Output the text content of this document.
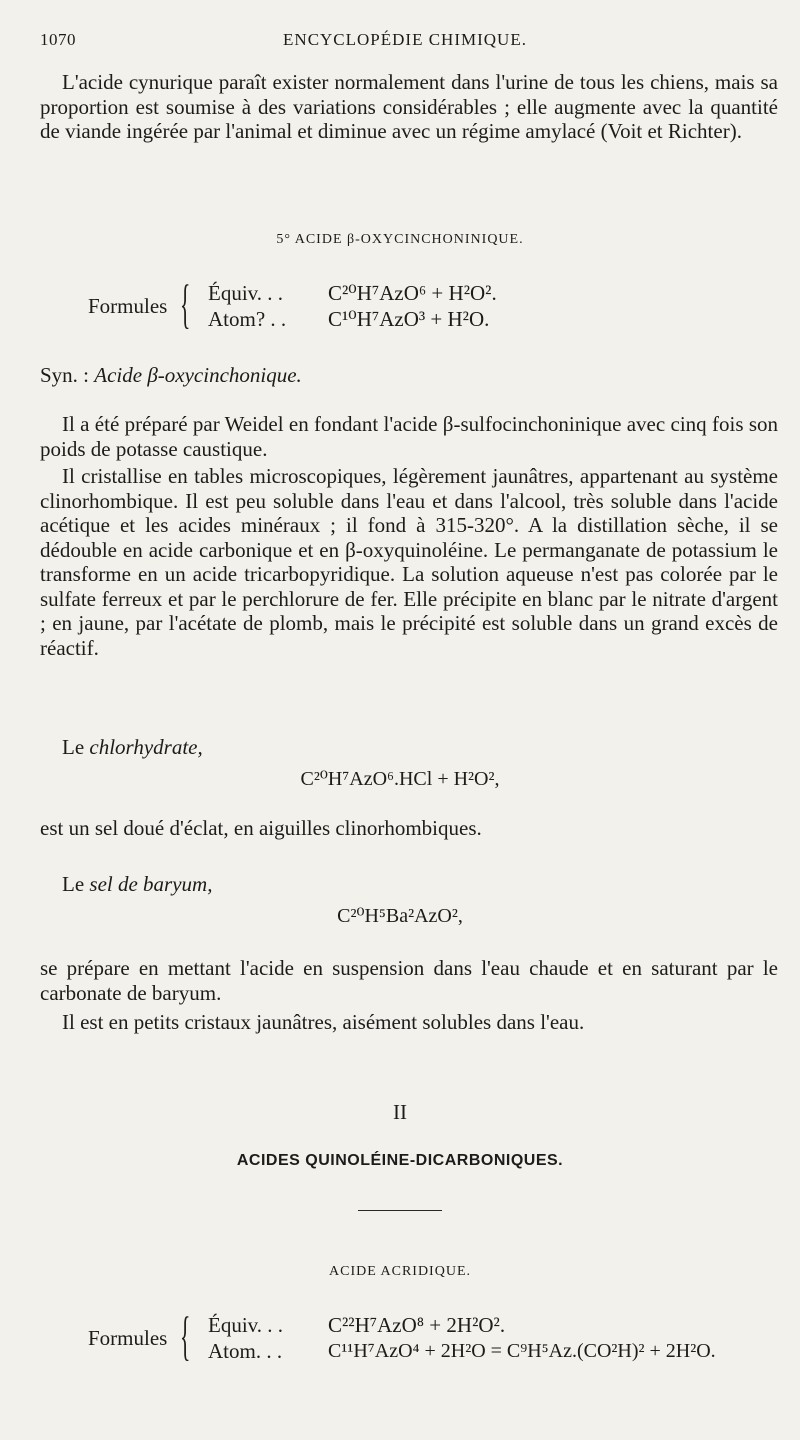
1070	ENCYCLOPÉDIE CHIMIQUE.

L'acide cynurique paraît exister normalement dans l'urine de tous les chiens, mais sa proportion est soumise à des variations considérables ; elle augmente avec la quantité de viande ingérée par l'animal et diminue avec un régime amylacé (Voit et Richter).

5° ACIDE β-OXYCINCHONINIQUE.

Formules { Équiv. . . C²⁰H⁷AzO⁶ + H²O².
Atom? . . C¹⁰H⁷AzO³ + H²O.

Syn. : Acide β-oxycinchonique.

Il a été préparé par Weidel en fondant l'acide β-sulfocinchoninique avec cinq fois son poids de potasse caustique.

Il cristallise en tables microscopiques, légèrement jaunâtres, appartenant au système clinorhombique. Il est peu soluble dans l'eau et dans l'alcool, très soluble dans l'acide acétique et les acides minéraux ; il fond à 315-320°. A la distillation sèche, il se dédouble en acide carbonique et en β-oxyquinoléine. Le permanganate de potassium le transforme en un acide tricarbopyridique. La solution aqueuse n'est pas colorée par le sulfate ferreux et par le perchlorure de fer. Elle précipite en blanc par le nitrate d'argent ; en jaune, par l'acétate de plomb, mais le précipité est soluble dans un grand excès de réactif.

Le chlorhydrate,

C²⁰H⁷AzO⁶.HCl + H²O²,

est un sel doué d'éclat, en aiguilles clinorhombiques.

Le sel de baryum,

C²⁰H⁵Ba²AzO²,

se prépare en mettant l'acide en suspension dans l'eau chaude et en saturant par le carbonate de baryum.

Il est en petits cristaux jaunâtres, aisément solubles dans l'eau.

II

ACIDES QUINOLÉINE-DICARBONIQUES.

ACIDE ACRIDIQUE.

Formules { Équiv. . . C²²H⁷AzO⁸ + 2H²O².
Atom. . . C¹¹H⁷AzO⁴ + 2H²O = C⁹H⁵Az.(CO²H)² + 2H²O.
